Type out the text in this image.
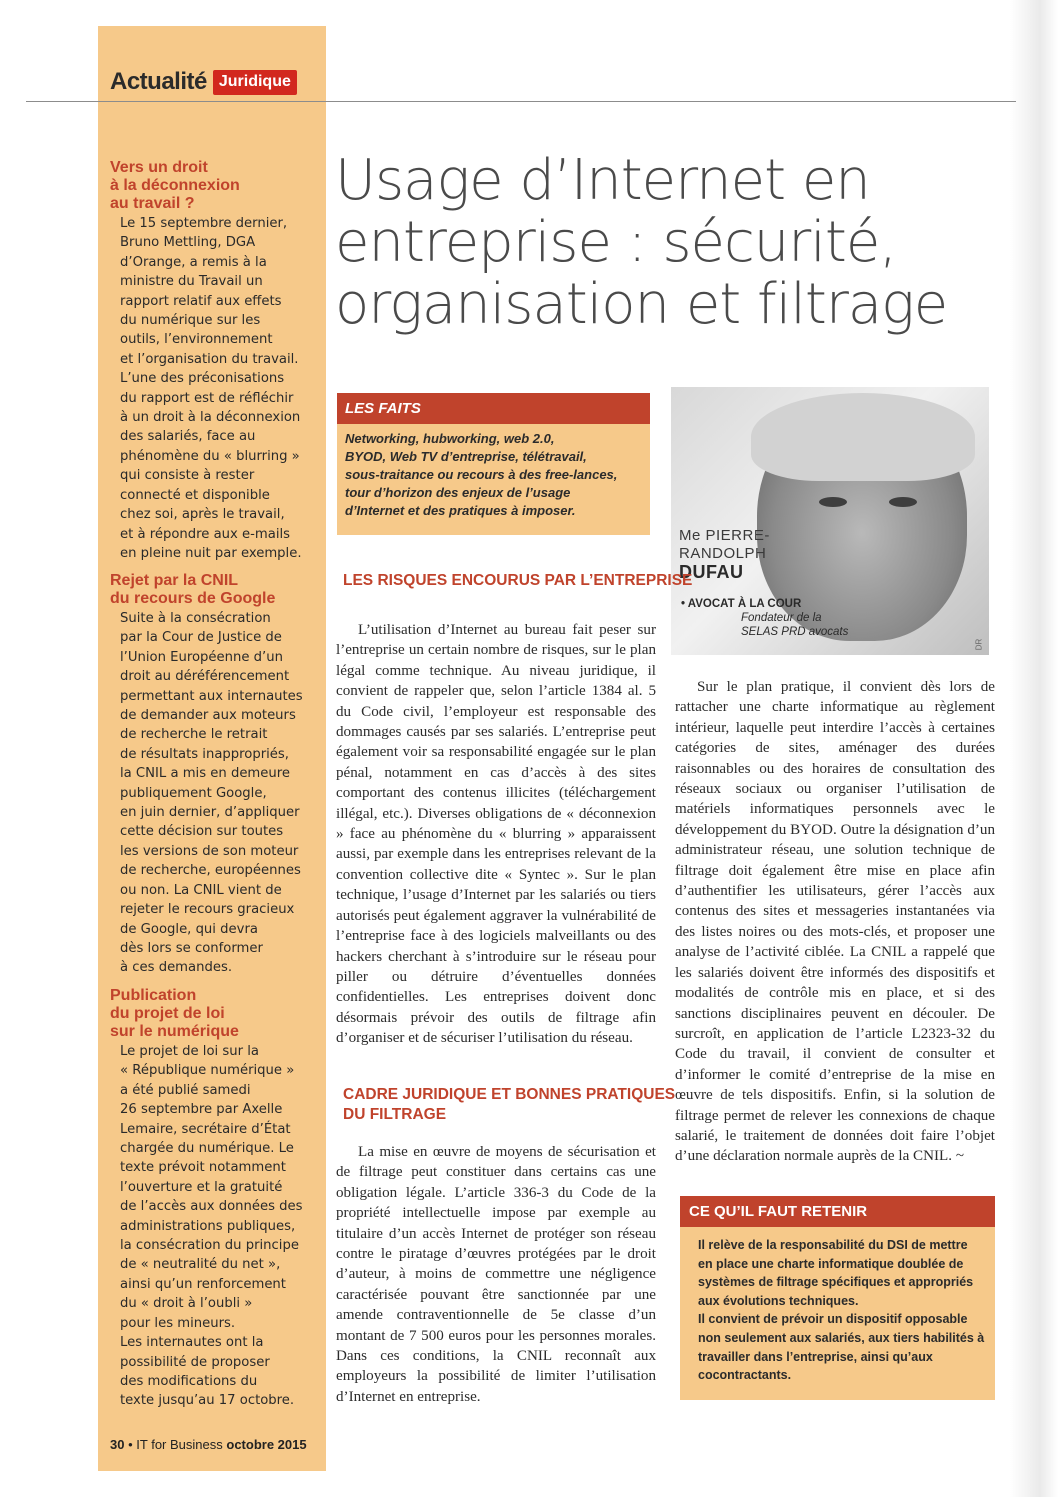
Actualité Juridique

Vers un droit
à la déconnexion
au travail ?

Le 15 septembre dernier,
Bruno Mettling, DGA
d’Orange, a remis à la
ministre du Travail un
rapport relatif aux effets
du numérique sur les
outils, l’environnement
et l’organisation du travail.
L’une des préconisations
du rapport est de réfléchir
à un droit à la déconnexion
des salariés, face au
phénomène du « blurring »
qui consiste à rester
connecté et disponible
chez soi, après le travail,
et à répondre aux e-mails
en pleine nuit par exemple.

Rejet par la CNIL
du recours de Google

Suite à la consécration
par la Cour de Justice de
l’Union Européenne d’un
droit au déréférencement
permettant aux internautes
de demander aux moteurs
de recherche le retrait
de résultats inappropriés,
la CNIL a mis en demeure
publiquement Google,
en juin dernier, d’appliquer
cette décision sur toutes
les versions de son moteur
de recherche, européennes
ou non. La CNIL vient de
rejeter le recours gracieux
de Google, qui devra
dès lors se conformer
à ces demandes.

Publication
du projet de loi
sur le numérique

Le projet de loi sur la
« République numérique »
a été publié samedi
26 septembre par Axelle
Lemaire, secrétaire d’État
chargée du numérique. Le
texte prévoit notamment
l’ouverture et la gratuité
de l’accès aux données des
administrations publiques,
la consécration du principe
de « neutralité du net »,
ainsi qu’un renforcement
du « droit à l’oubli »
pour les mineurs.
Les internautes ont la
possibilité de proposer
des modifications du
texte jusqu’au 17 octobre.

30 • IT for Business octobre 2015
Usage d’Internet en entreprise : sécurité, organisation et filtrage

LES FAITS

Networking, hubworking, web 2.0,
BYOD, Web TV d’entreprise, télétravail,
sous-traitance ou recours à des free-lances,
tour d’horizon des enjeux de l’usage
d’Internet et des pratiques à imposer.

Me PIERRE-
RANDOLPH
DUFAU
• AVOCAT À LA COUR
Fondateur de la
SELAS PRD avocats
DR
LES RISQUES ENCOURUS PAR L’ENTREPRISE

L’utilisation d’Internet au bureau fait peser sur l’entreprise un certain nombre de risques, sur le plan légal comme technique. Au niveau juridique, il convient de rappeler que, selon l’article 1384 al. 5 du Code civil, l’employeur est responsable des dommages causés par ses salariés. L’entreprise peut également voir sa responsabilité engagée sur le plan pénal, notamment en cas d’accès à des sites comportant des contenus illicites (téléchargement illégal, etc.). Diverses obligations de « déconnexion » face au phénomène du « blurring » apparaissent aussi, par exemple dans les entreprises relevant de la convention collective dite « Syntec ». Sur le plan technique, l’usage d’Internet par les salariés ou tiers autorisés peut également aggraver la vulnérabilité de l’entreprise face à des logiciels malveillants ou des hackers cherchant à s’introduire sur le réseau pour piller ou détruire d’éventuelles données confidentielles. Les entreprises doivent donc désormais prévoir des outils de filtrage afin d’organiser et de sécuriser l’utilisation du réseau.

CADRE JURIDIQUE ET BONNES PRATIQUES
DU FILTRAGE

La mise en œuvre de moyens de sécurisation et de filtrage peut constituer dans certains cas une obligation légale. L’article 336-3 du Code de la propriété intellectuelle impose par exemple au titulaire d’un accès Internet de protéger son réseau contre le piratage d’œuvres protégées par le droit d’auteur, à moins de commettre une négligence caractérisée pouvant être sanctionnée par une amende contraventionnelle de 5e classe d’un montant de 7 500 euros pour les personnes morales. Dans ces conditions, la CNIL reconnaît aux employeurs la possibilité de limiter l’utilisation d’Internet en entreprise.

Sur le plan pratique, il convient dès lors de rattacher une charte informatique au règlement intérieur, laquelle peut interdire l’accès à certaines catégories de sites, aménager des durées raisonnables ou des horaires de consultation des réseaux sociaux ou organiser l’utilisation de matériels informatiques personnels avec le développement du BYOD. Outre la désignation d’un administrateur réseau, une solution technique de filtrage doit également être mise en place afin d’authentifier les utilisateurs, gérer l’accès aux contenus des sites et messageries instantanées via des listes noires ou des mots-clés, et proposer une analyse de l’activité ciblée. La CNIL a rappelé que les salariés doivent être informés des dispositifs et modalités de contrôle mis en place, et si des sanctions disciplinaires peuvent en découler. De surcroît, en application de l’article L2323-32 du Code du travail, il convient de consulter et d’informer le comité d’entreprise de la mise en œuvre de tels dispositifs. Enfin, si la solution de filtrage permet de relever les connexions de chaque salarié, le traitement de données doit faire l’objet d’une déclaration normale auprès de la CNIL. ~

CE QU’IL FAUT RETENIR

Il relève de la responsabilité du DSI de mettre en place une charte informatique doublée de systèmes de filtrage spécifiques et appropriés aux évolutions techniques.

Il convient de prévoir un dispositif opposable non seulement aux salariés, aux tiers habilités à travailler dans l’entreprise, ainsi qu’aux cocontractants.
